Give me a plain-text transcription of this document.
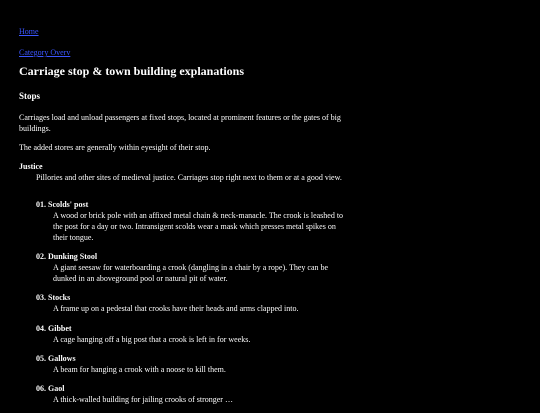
Home
Category Overv
Carriage stop & town building explanations
Stops

Carriages load and unload passengers at fixed stops, located at prominent features or the gates of big buildings.

The added stores are generally within eyesight of their stop.

Justice
Pillories and other sites of medieval justice. Carriages stop right next to them or at a good view.
01. Scolds' post
A wood or brick pole with an affixed metal chain & neck-manacle. The crook is leashed to the post for a day or two. Intransigent scolds wear a mask which presses metal spikes on their tongue.
02. Dunking Stool
A giant seesaw for waterboarding a crook (dangling in a chair by a rope). They can be dunked in an aboveground pool or natural pit of water.
03. Stocks
A frame up on a pedestal that crooks have their heads and arms clapped into.
04. Gibbet
A cage hanging off a big post that a crook is left in for weeks.
05. Gallows
A beam for hanging a crook with a noose to kill them.
06. Gaol
A thick-walled building for jailing crooks of stronger …
